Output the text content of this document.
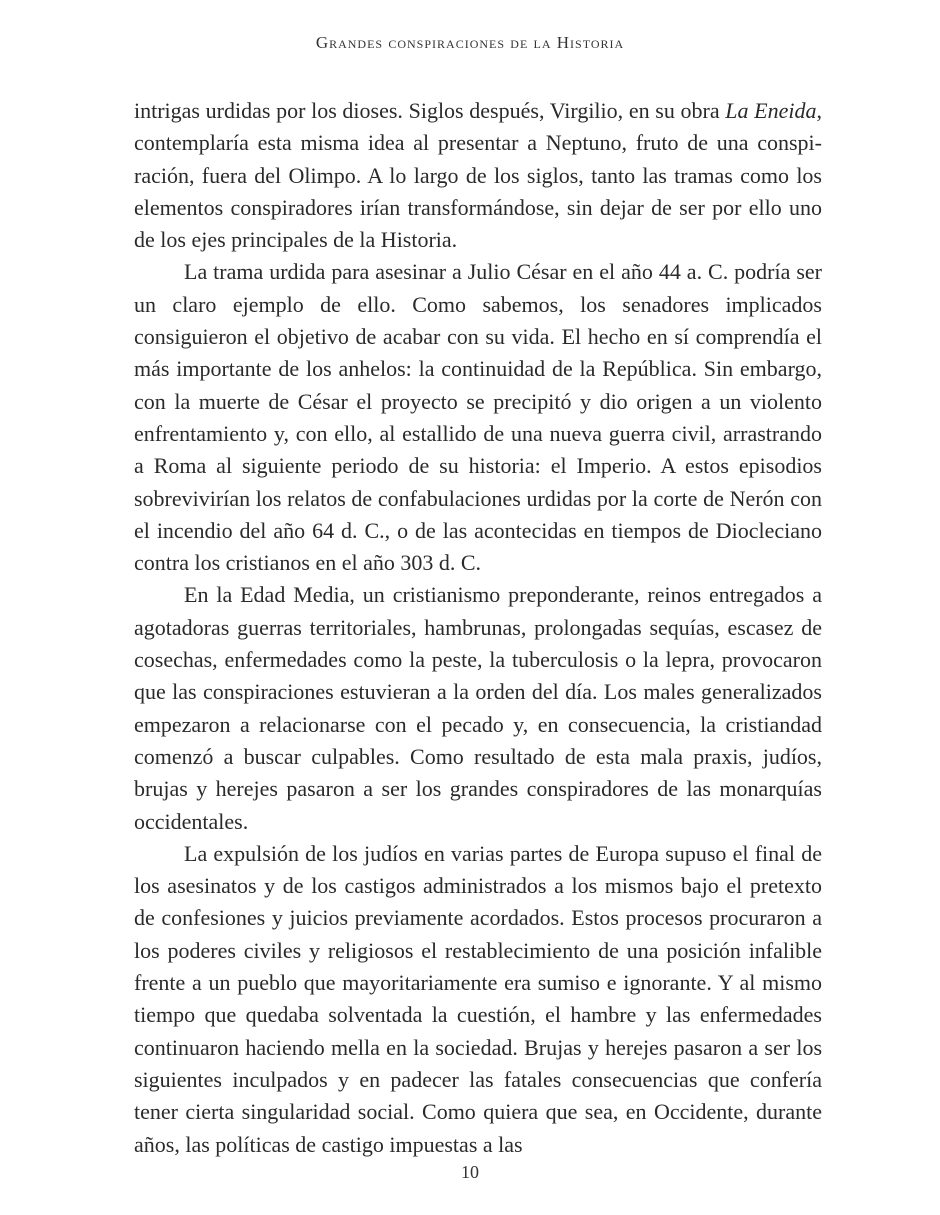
Grandes conspiraciones de la Historia

intrigas urdidas por los dioses. Siglos después, Virgilio, en su obra La Eneida, contemplaría esta misma idea al presentar a Neptuno, fruto de una conspiración, fuera del Olimpo. A lo largo de los siglos, tanto las tramas como los elementos conspiradores irían transformándose, sin dejar de ser por ello uno de los ejes principales de la Historia.

La trama urdida para asesinar a Julio César en el año 44 a. C. podría ser un claro ejemplo de ello. Como sabemos, los senadores implicados consiguieron el objetivo de acabar con su vida. El hecho en sí comprendía el más importante de los anhelos: la continuidad de la República. Sin embargo, con la muerte de César el proyecto se precipitó y dio origen a un violento enfrentamiento y, con ello, al estallido de una nueva guerra civil, arrastrando a Roma al siguiente periodo de su historia: el Imperio. A estos episodios sobrevivirían los relatos de confabulaciones urdidas por la corte de Nerón con el incendio del año 64 d. C., o de las acontecidas en tiempos de Diocleciano contra los cristianos en el año 303 d. C.

En la Edad Media, un cristianismo preponderante, reinos entregados a agotadoras guerras territoriales, hambrunas, prolongadas sequías, escasez de cosechas, enfermedades como la peste, la tuberculosis o la lepra, provocaron que las conspiraciones estuvieran a la orden del día. Los males generalizados empezaron a relacionarse con el pecado y, en consecuencia, la cristiandad comenzó a buscar culpables. Como resultado de esta mala praxis, judíos, brujas y herejes pasaron a ser los grandes conspiradores de las monarquías occidentales.

La expulsión de los judíos en varias partes de Europa supuso el final de los asesinatos y de los castigos administrados a los mismos bajo el pretexto de confesiones y juicios previamente acordados. Estos procesos procuraron a los poderes civiles y religiosos el restablecimiento de una posición infalible frente a un pueblo que mayoritariamente era sumiso e ignorante. Y al mismo tiempo que quedaba solventada la cuestión, el hambre y las enfermedades continuaron haciendo mella en la sociedad. Brujas y herejes pasaron a ser los siguientes inculpados y en padecer las fatales consecuencias que confería tener cierta singularidad social. Como quiera que sea, en Occidente, durante años, las políticas de castigo impuestas a las

10
